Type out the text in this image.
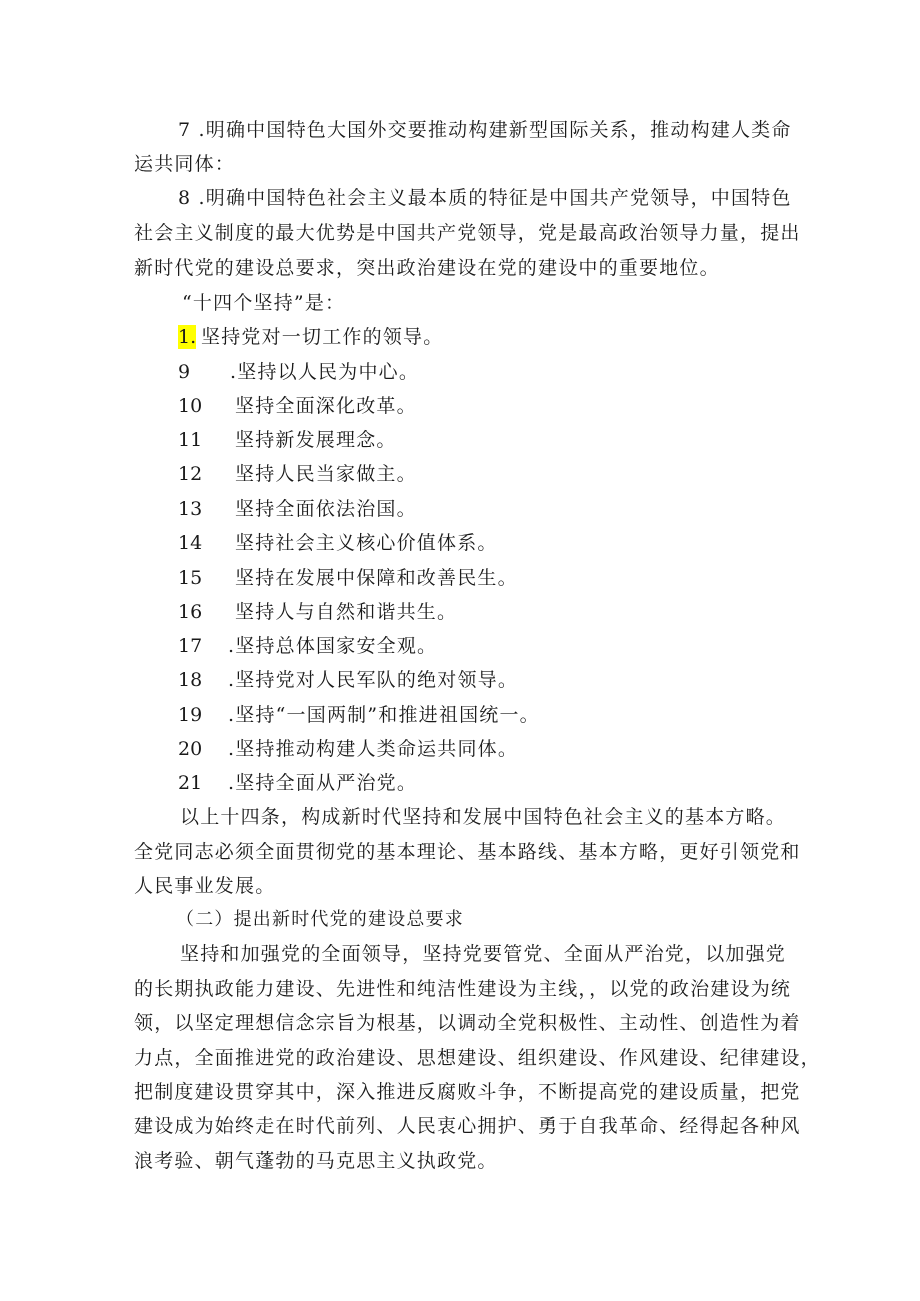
7 .明确中国特色大国外交要推动构建新型国际关系，推动构建人类命
运共同体：
8 .明确中国特色社会主义最本质的特征是中国共产党领导，中国特色
社会主义制度的最大优势是中国共产党领导，党是最高政治领导力量，提出
新时代党的建设总要求，突出政治建设在党的建设中的重要地位。
“十四个坚持”是：
1. 坚持党对一切工作的领导。
9 .坚持以人民为中心。
10 坚持全面深化改革。
11 坚持新发展理念。
12 坚持人民当家做主。
13 坚持全面依法治国。
14 坚持社会主义核心价值体系。
15 坚持在发展中保障和改善民生。
16 坚持人与自然和谐共生。
17 .坚持总体国家安全观。
18 .坚持党对人民军队的绝对领导。
19 .坚持“一国两制”和推进祖国统一。
20 .坚持推动构建人类命运共同体。
21 .坚持全面从严治党。
以上十四条，构成新时代坚持和发展中国特色社会主义的基本方略。
全党同志必须全面贯彻党的基本理论、基本路线、基本方略，更好引领党和
人民事业发展。
（二）提出新时代党的建设总要求
坚持和加强党的全面领导，坚持党要管党、全面从严治党，以加强党
的长期执政能力建设、先进性和纯洁性建设为主线，，以党的政治建设为统
领，以坚定理想信念宗旨为根基，以调动全党积极性、主动性、创造性为着
力点，全面推进党的政治建设、思想建设、组织建设、作风建设、纪律建设，
把制度建设贯穿其中，深入推进反腐败斗争，不断提高党的建设质量，把党
建设成为始终走在时代前列、人民衷心拥护、勇于自我革命、经得起各种风
浪考验、朝气蓬勃的马克思主义执政党。
